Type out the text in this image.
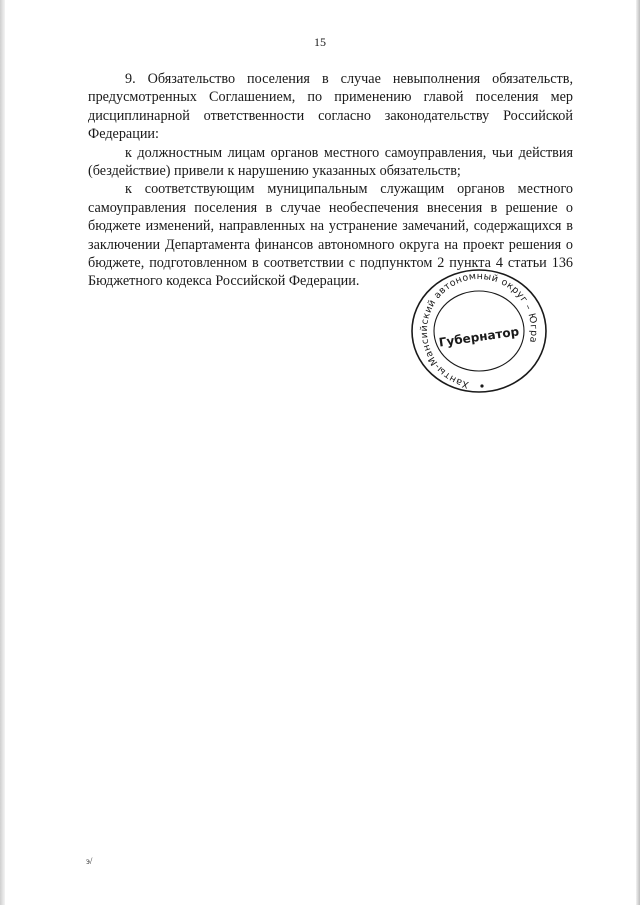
15

9. Обязательство поселения в случае невыполнения обязательств, предусмотренных Соглашением, по применению главой поселения мер дисциплинарной ответственности согласно законодательству Российской Федерации:

к должностным лицам органов местного самоуправления, чьи действия (бездействие) привели к нарушению указанных обязательств;

к соответствующим муниципальным служащим органов местного самоуправления поселения в случае необеспечения внесения в решение о бюджете изменений, направленных на устранение замечаний, содержащихся в заключении Департамента финансов автономного округа на проект решения о бюджете, подготовленном в соответствии с подпунктом 2 пункта 4 статьи 136 Бюджетного кодекса Российской Федерации.

Ханты-Мансийский автономный округ – Югра
Губернатор
э/
